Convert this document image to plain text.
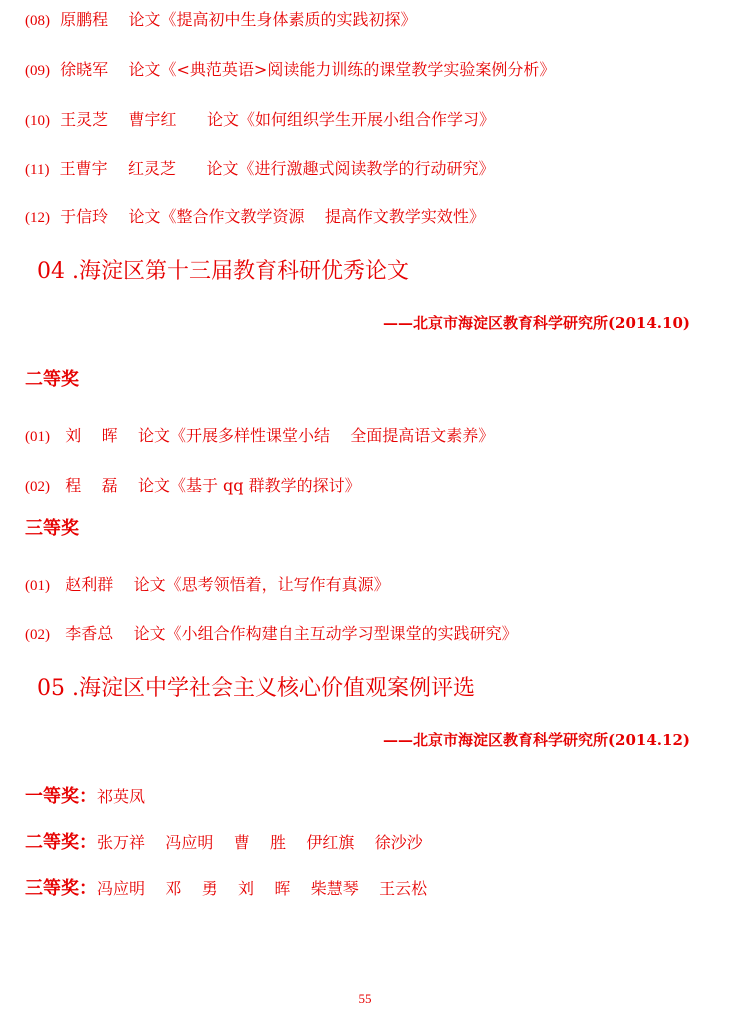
(08)  原鹏程    论文《提高初中生身体素质的实践初探》
(09)  徐晓军    论文《<典范英语>阅读能力训练的课堂教学实验案例分析》
(10)  王灵芝    曹宇红      论文《如何组织学生开展小组合作学习》
(11)  王曹宇    红灵芝      论文《进行激趣式阅读教学的行动研究》
(12)  于信玲    论文《整合作文教学资源    提高作文教学实效性》
04 .海淀区第十三届教育科研优秀论文
——北京市海淀区教育科学研究所(2014.10)
二等奖
(01)   刘    晖    论文《开展多样性课堂小结    全面提高语文素养》
(02)   程    磊    论文《基于 qq 群教学的探讨》
三等奖
(01)   赵利群    论文《思考领悟着，让写作有真源》
(02)   李香总    论文《小组合作构建自主互动学习型课堂的实践研究》
05 .海淀区中学社会主义核心价值观案例评选
——北京市海淀区教育科学研究所(2014.12)
一等奖：祁英凤
二等奖：张万祥    冯应明    曹    胜    伊红旗    徐沙沙
三等奖：冯应明    邓    勇    刘    晖    柴慧琴    王云松
55
